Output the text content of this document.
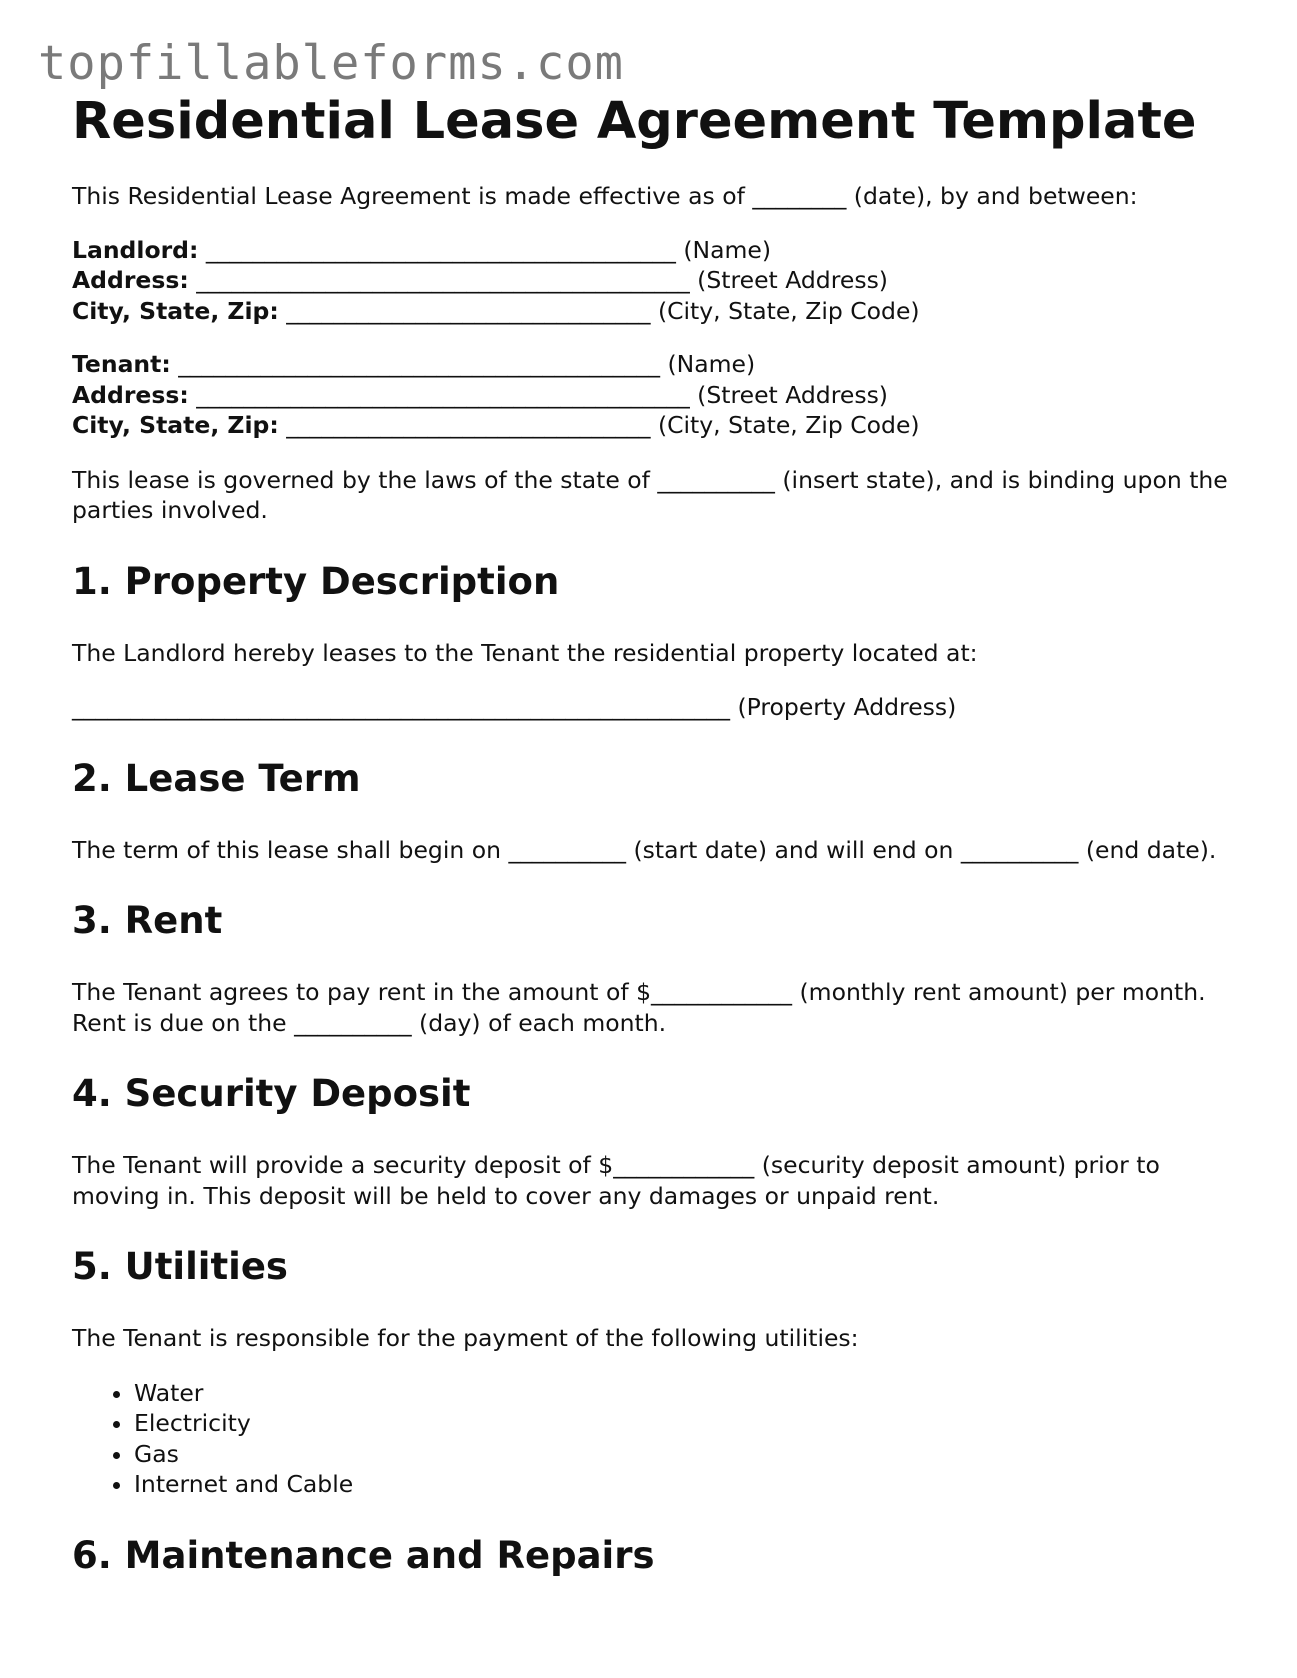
topfillableforms.com
Residential Lease Agreement Template

This Residential Lease Agreement is made effective as of ________ (date), by and between:

Landlord: ________________________________________ (Name)
Address: __________________________________________ (Street Address)
City, State, Zip: _______________________________ (City, State, Zip Code)
Tenant: _________________________________________ (Name)
Address: __________________________________________ (Street Address)
City, State, Zip: _______________________________ (City, State, Zip Code)

This lease is governed by the laws of the state of __________ (insert state), and is binding upon the parties involved.

1. Property Description

The Landlord hereby leases to the Tenant the residential property located at:

________________________________________________________ (Property Address)

2. Lease Term

The term of this lease shall begin on __________ (start date) and will end on __________ (end date).

3. Rent

The Tenant agrees to pay rent in the amount of $____________ (monthly rent amount) per month. Rent is due on the __________ (day) of each month.

4. Security Deposit

The Tenant will provide a security deposit of $____________ (security deposit amount) prior to moving in. This deposit will be held to cover any damages or unpaid rent.

5. Utilities

The Tenant is responsible for the payment of the following utilities:

• Water
• Electricity
• Gas
• Internet and Cable
6. Maintenance and Repairs
